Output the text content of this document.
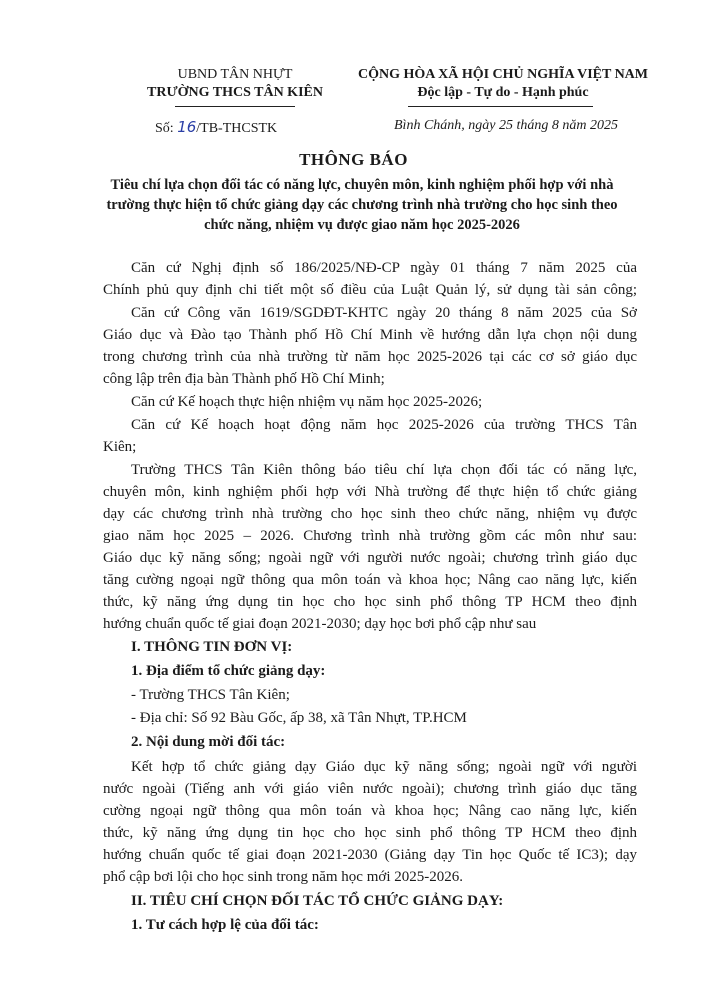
UBND TÂN NHỰT
TRƯỜNG THCS TÂN KIÊN
CỘNG HÒA XÃ HỘI CHỦ NGHĨA VIỆT NAM
Độc lập - Tự do - Hạnh phúc
Số: 16/TB-THCSTK	Bình Chánh, ngày 25 tháng 8 năm 2025
THÔNG BÁO
Tiêu chí lựa chọn đối tác có năng lực, chuyên môn, kinh nghiệm phối hợp với nhà trường thực hiện tổ chức giảng dạy các chương trình nhà trường cho học sinh theo chức năng, nhiệm vụ được giao năm học 2025-2026
Căn cứ Nghị định số 186/2025/NĐ-CP ngày 01 tháng 7 năm 2025 của
Chính phủ quy định chi tiết một số điều của Luật Quản lý, sử dụng tài sản công;
Căn cứ Công văn 1619/SGDĐT-KHTC ngày 20 tháng 8 năm 2025 của Sở
Giáo dục và Đào tạo Thành phố Hồ Chí Minh về hướng dẫn lựa chọn nội dung
trong chương trình của nhà trường từ năm học 2025-2026 tại các cơ sở giáo dục
công lập trên địa bàn Thành phố Hồ Chí Minh;
Căn cứ Kế hoạch thực hiện nhiệm vụ năm học 2025-2026;
Căn cứ Kế hoạch hoạt động năm học 2025-2026 của trường THCS Tân
Kiên;
Trường THCS Tân Kiên thông báo tiêu chí lựa chọn đối tác có năng lực,
chuyên môn, kinh nghiệm phối hợp với Nhà trường để thực hiện tổ chức giảng
dạy các chương trình nhà trường cho học sinh theo chức năng, nhiệm vụ được
giao năm học 2025 – 2026. Chương trình nhà trường gồm các môn như sau:
Giáo dục kỹ năng sống; ngoài ngữ với người nước ngoài; chương trình giáo dục
tăng cường ngoại ngữ thông qua môn toán và khoa học; Nâng cao năng lực, kiến
thức, kỹ năng ứng dụng tin học cho học sinh phổ thông TP HCM theo định
hướng chuẩn quốc tế giai đoạn 2021-2030; dạy học bơi phổ cập như sau
I. THÔNG TIN ĐƠN VỊ:
1. Địa điểm tổ chức giảng dạy:
- Trường THCS Tân Kiên;
- Địa chỉ: Số 92 Bàu Gốc, ấp 38, xã Tân Nhựt, TP.HCM
2. Nội dung mời đối tác:
Kết hợp tổ chức giảng dạy Giáo dục kỹ năng sống; ngoài ngữ với người
nước ngoài (Tiếng anh với giáo viên nước ngoài); chương trình giáo dục tăng
cường ngoại ngữ thông qua môn toán và khoa học; Nâng cao năng lực, kiến
thức, kỹ năng ứng dụng tin học cho học sinh phổ thông TP HCM theo định
hướng chuẩn quốc tế giai đoạn 2021-2030 (Giảng dạy Tin học Quốc tế IC3); dạy
phổ cập bơi lội cho học sinh trong năm học mới 2025-2026.
II. TIÊU CHÍ CHỌN ĐỐI TÁC TỔ CHỨC GIẢNG DẠY:
1. Tư cách hợp lệ của đối tác:
